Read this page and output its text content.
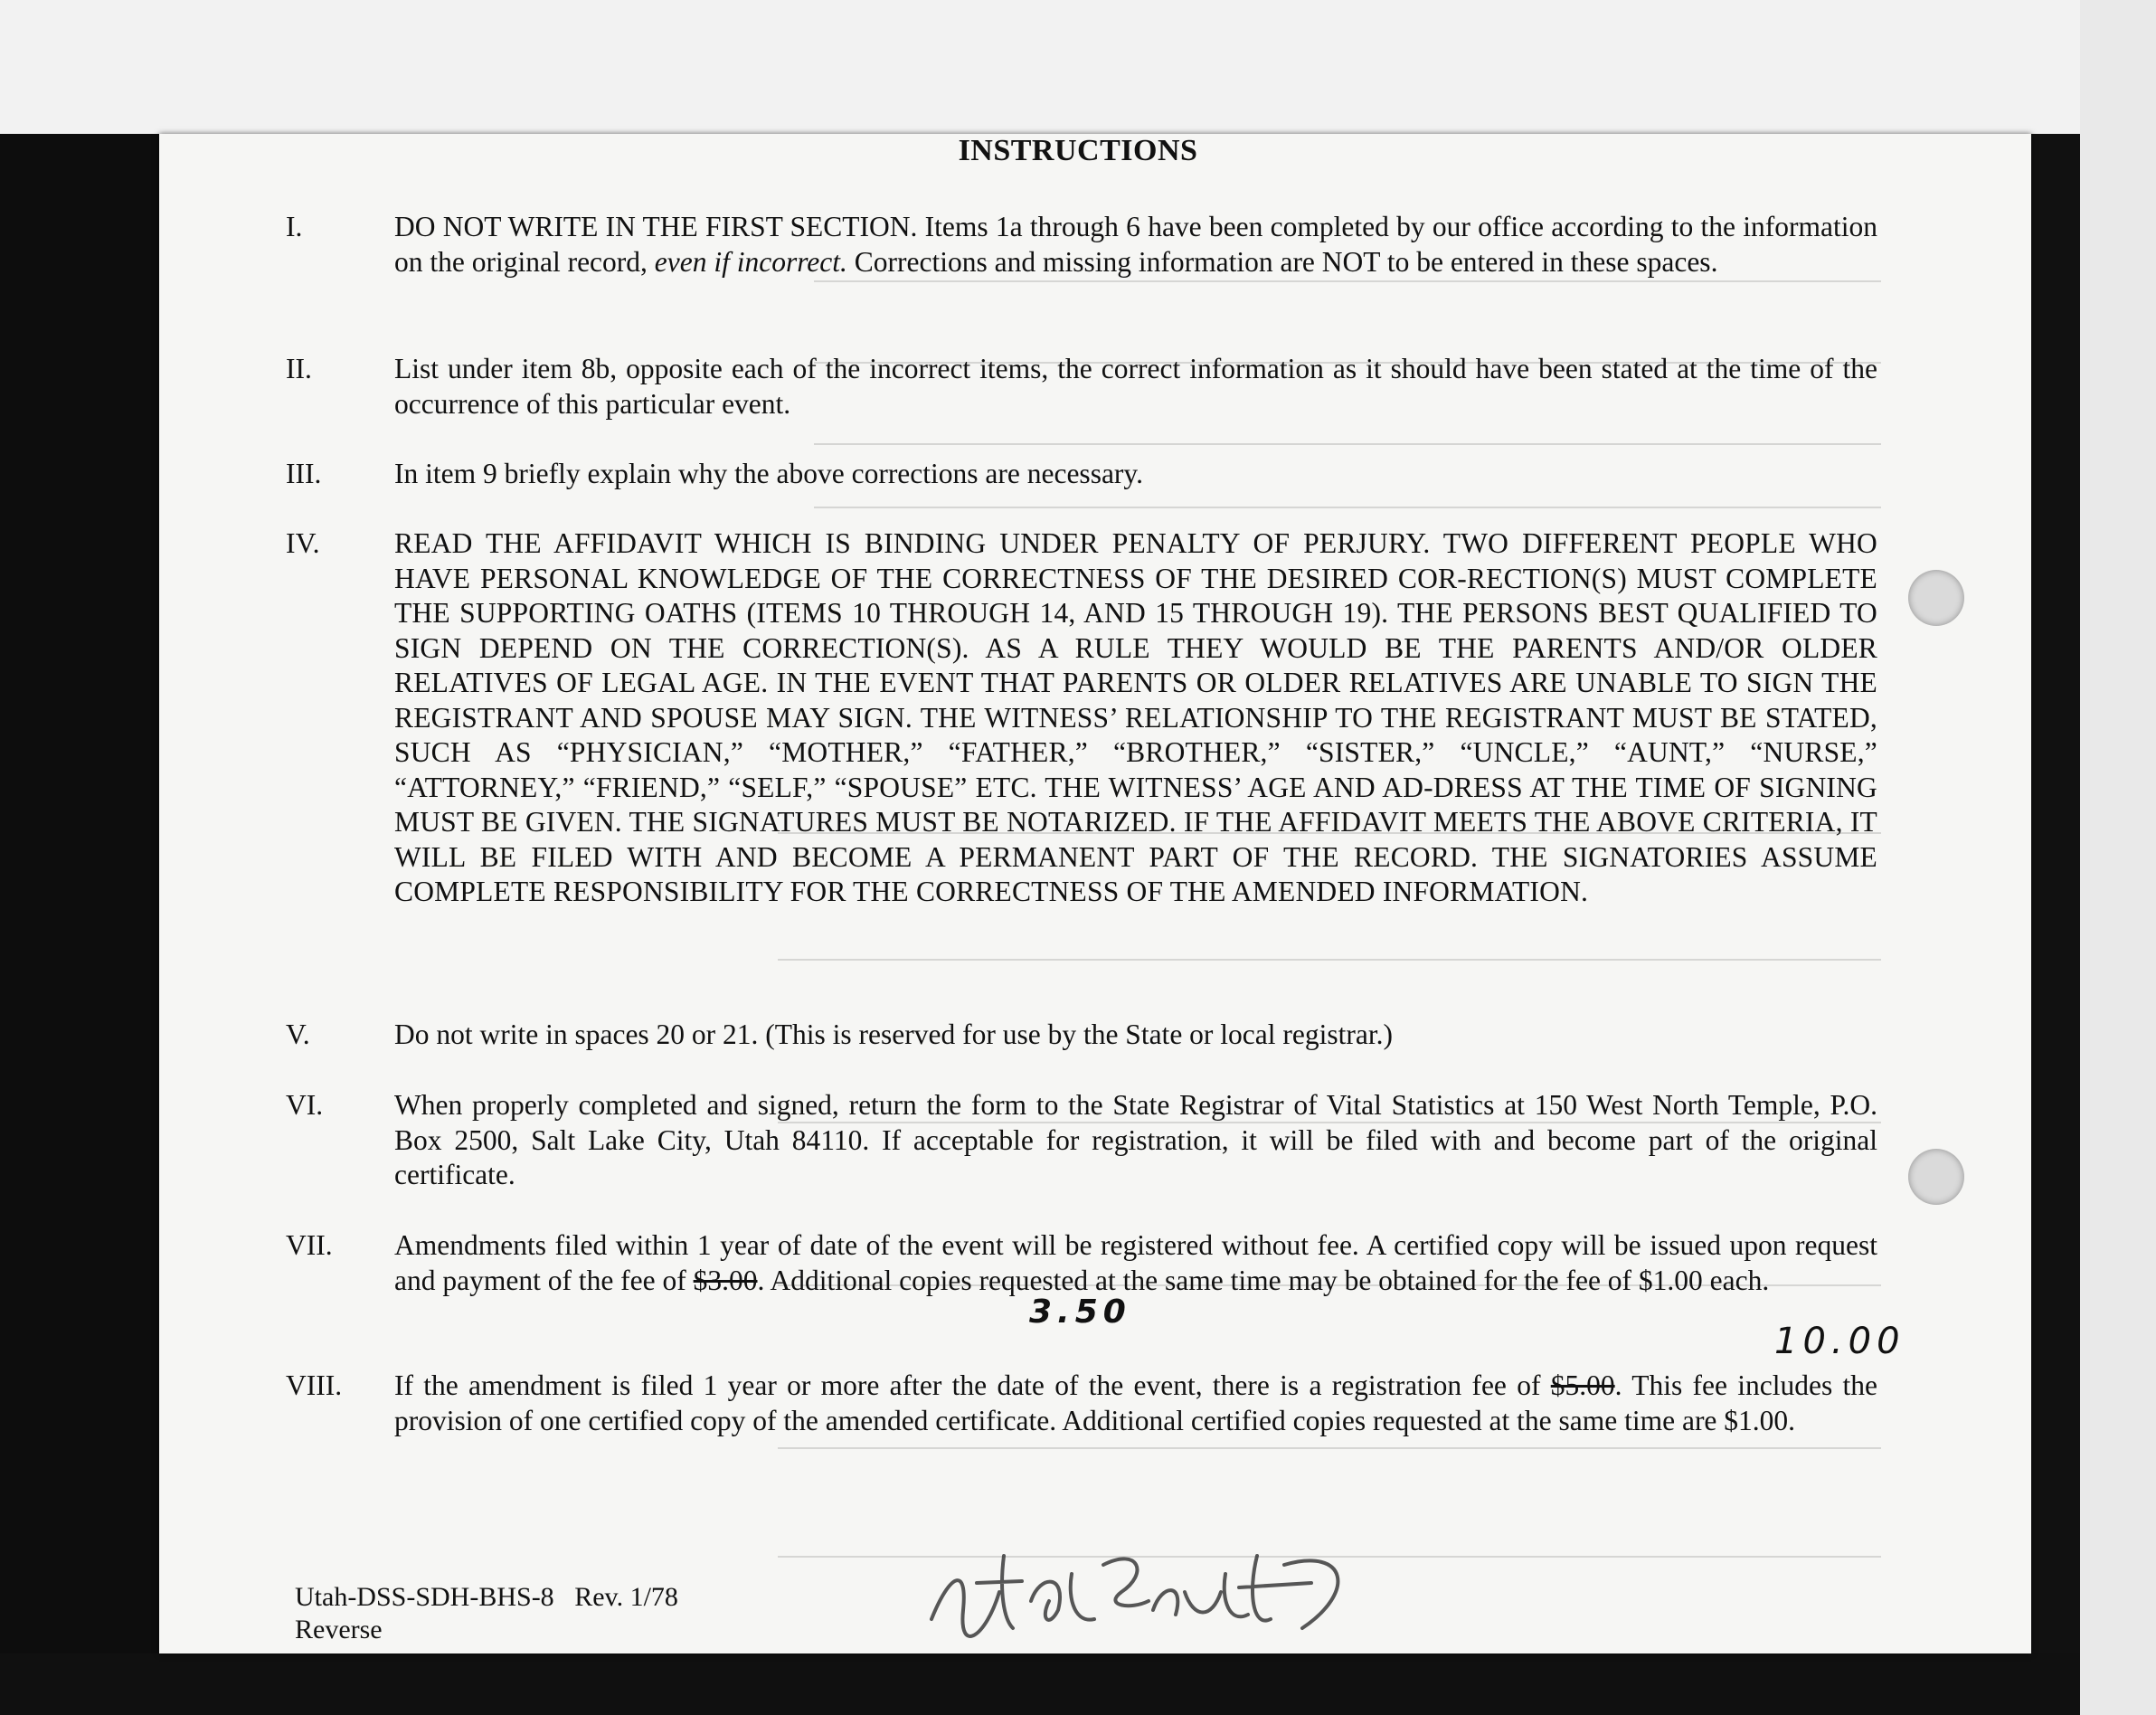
INSTRUCTIONS
I.	DO NOT WRITE IN THE FIRST SECTION. Items 1a through 6 have been completed by our office according to the information on the original record, even if incorrect. Corrections and missing information are NOT to be entered in these spaces.
II.	List under item 8b, opposite each of the incorrect items, the correct information as it should have been stated at the time of the occurrence of this particular event.
III.	In item 9 briefly explain why the above corrections are necessary.
IV.	READ THE AFFIDAVIT WHICH IS BINDING UNDER PENALTY OF PERJURY. TWO DIFFERENT PEOPLE WHO HAVE PERSONAL KNOWLEDGE OF THE CORRECTNESS OF THE DESIRED COR-RECTION(S) MUST COMPLETE THE SUPPORTING OATHS (ITEMS 10 THROUGH 14, AND 15 THROUGH 19). THE PERSONS BEST QUALIFIED TO SIGN DEPEND ON THE CORRECTION(S). AS A RULE THEY WOULD BE THE PARENTS AND/OR OLDER RELATIVES OF LEGAL AGE. IN THE EVENT THAT PARENTS OR OLDER RELATIVES ARE UNABLE TO SIGN THE REGISTRANT AND SPOUSE MAY SIGN. THE WITNESS’ RELATIONSHIP TO THE REGISTRANT MUST BE STATED, SUCH AS “PHYSICIAN,” “MOTHER,” “FATHER,” “BROTHER,” “SISTER,” “UNCLE,” “AUNT,” “NURSE,” “ATTORNEY,” “FRIEND,” “SELF,” “SPOUSE” ETC. THE WITNESS’ AGE AND AD-DRESS AT THE TIME OF SIGNING MUST BE GIVEN. THE SIGNATURES MUST BE NOTARIZED. IF THE AFFIDAVIT MEETS THE ABOVE CRITERIA, IT WILL BE FILED WITH AND BECOME A PERMANENT PART OF THE RECORD. THE SIGNATORIES ASSUME COMPLETE RESPONSIBILITY FOR THE CORRECTNESS OF THE AMENDED INFORMATION.
V.	Do not write in spaces 20 or 21. (This is reserved for use by the State or local registrar.)
VI.	When properly completed and signed, return the form to the State Registrar of Vital Statistics at 150 West North Temple, P.O. Box 2500, Salt Lake City, Utah 84110. If acceptable for registration, it will be filed with and become part of the original certificate.
VII.	Amendments filed within 1 year of date of the event will be registered without fee. A certified copy will be issued upon request and payment of the fee of $3.00. Additional copies requested at the same time may be obtained for the fee of $1.00 each.
3.50
10.00
VIII.	If the amendment is filed 1 year or more after the date of the event, there is a registration fee of $5.00. This fee includes the provision of one certified copy of the amended certificate. Additional certified copies requested at the same time are $1.00.
Utah-DSS-SDH-BHS-8 Rev. 1/78
Reverse
